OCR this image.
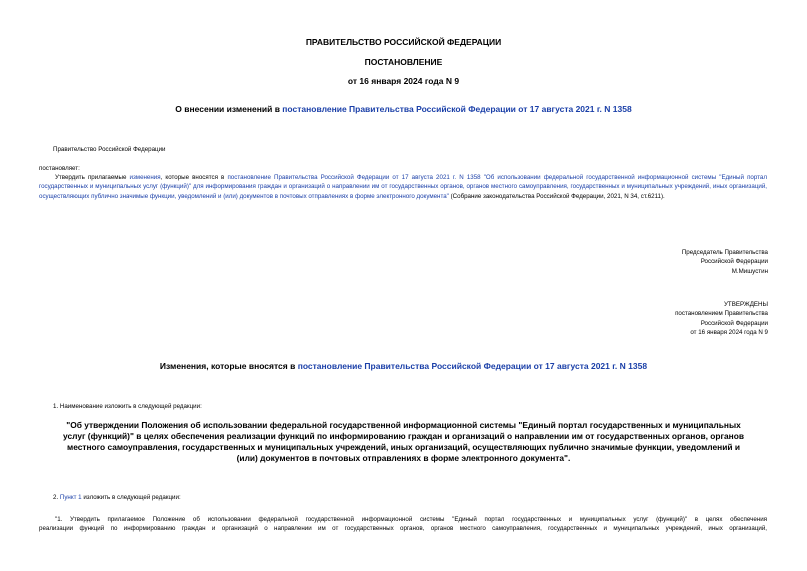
ПРАВИТЕЛЬСТВО РОССИЙСКОЙ ФЕДЕРАЦИИ
ПОСТАНОВЛЕНИЕ
от 16 января 2024 года N 9
О внесении изменений в постановление Правительства Российской Федерации от 17 августа 2021 г. N 1358
Правительство Российской Федерации
постановляет:
Утвердить прилагаемые изменения, которые вносятся в постановление Правительства Российской Федерации от 17 августа 2021 г. N 1358 "Об использовании федеральной государственной информационной системы "Единый портал государственных и муниципальных услуг (функций)" для информирования граждан и организаций о направлении им от государственных органов, органов местного самоуправления, государственных и муниципальных учреждений, иных организаций, осуществляющих публично значимые функции, уведомлений и (или) документов в почтовых отправлениях в форме электронного документа" (Собрание законодательства Российской Федерации, 2021, N 34, ст.6211).
Председатель Правительства
Российской Федерации
М.Мишустин
УТВЕРЖДЕНЫ
постановлением Правительства
Российской Федерации
от 16 января 2024 года N 9
Изменения, которые вносятся в постановление Правительства Российской Федерации от 17 августа 2021 г. N 1358
1. Наименование изложить в следующей редакции:
"Об утверждении Положения об использовании федеральной государственной информационной системы "Единый портал государственных и муниципальных
услуг (функций)" в целях обеспечения реализации функций по информированию граждан и организаций о направлении им от государственных органов, органов
местного самоуправления, государственных и муниципальных учреждений, иных организаций, осуществляющих публично значимые функции, уведомлений и
(или) документов в почтовых отправлениях в форме электронного документа".
2. Пункт 1 изложить в следующей редакции:
"1. Утвердить прилагаемое Положение об использовании федеральной государственной информационной системы "Единый портал государственных и муниципальных услуг (функций)" в целях обеспечения
реализации функций по информированию граждан и организаций о направлении им от государственных органов, органов местного самоуправления, государственных и муниципальных учреждений, иных организаций,
